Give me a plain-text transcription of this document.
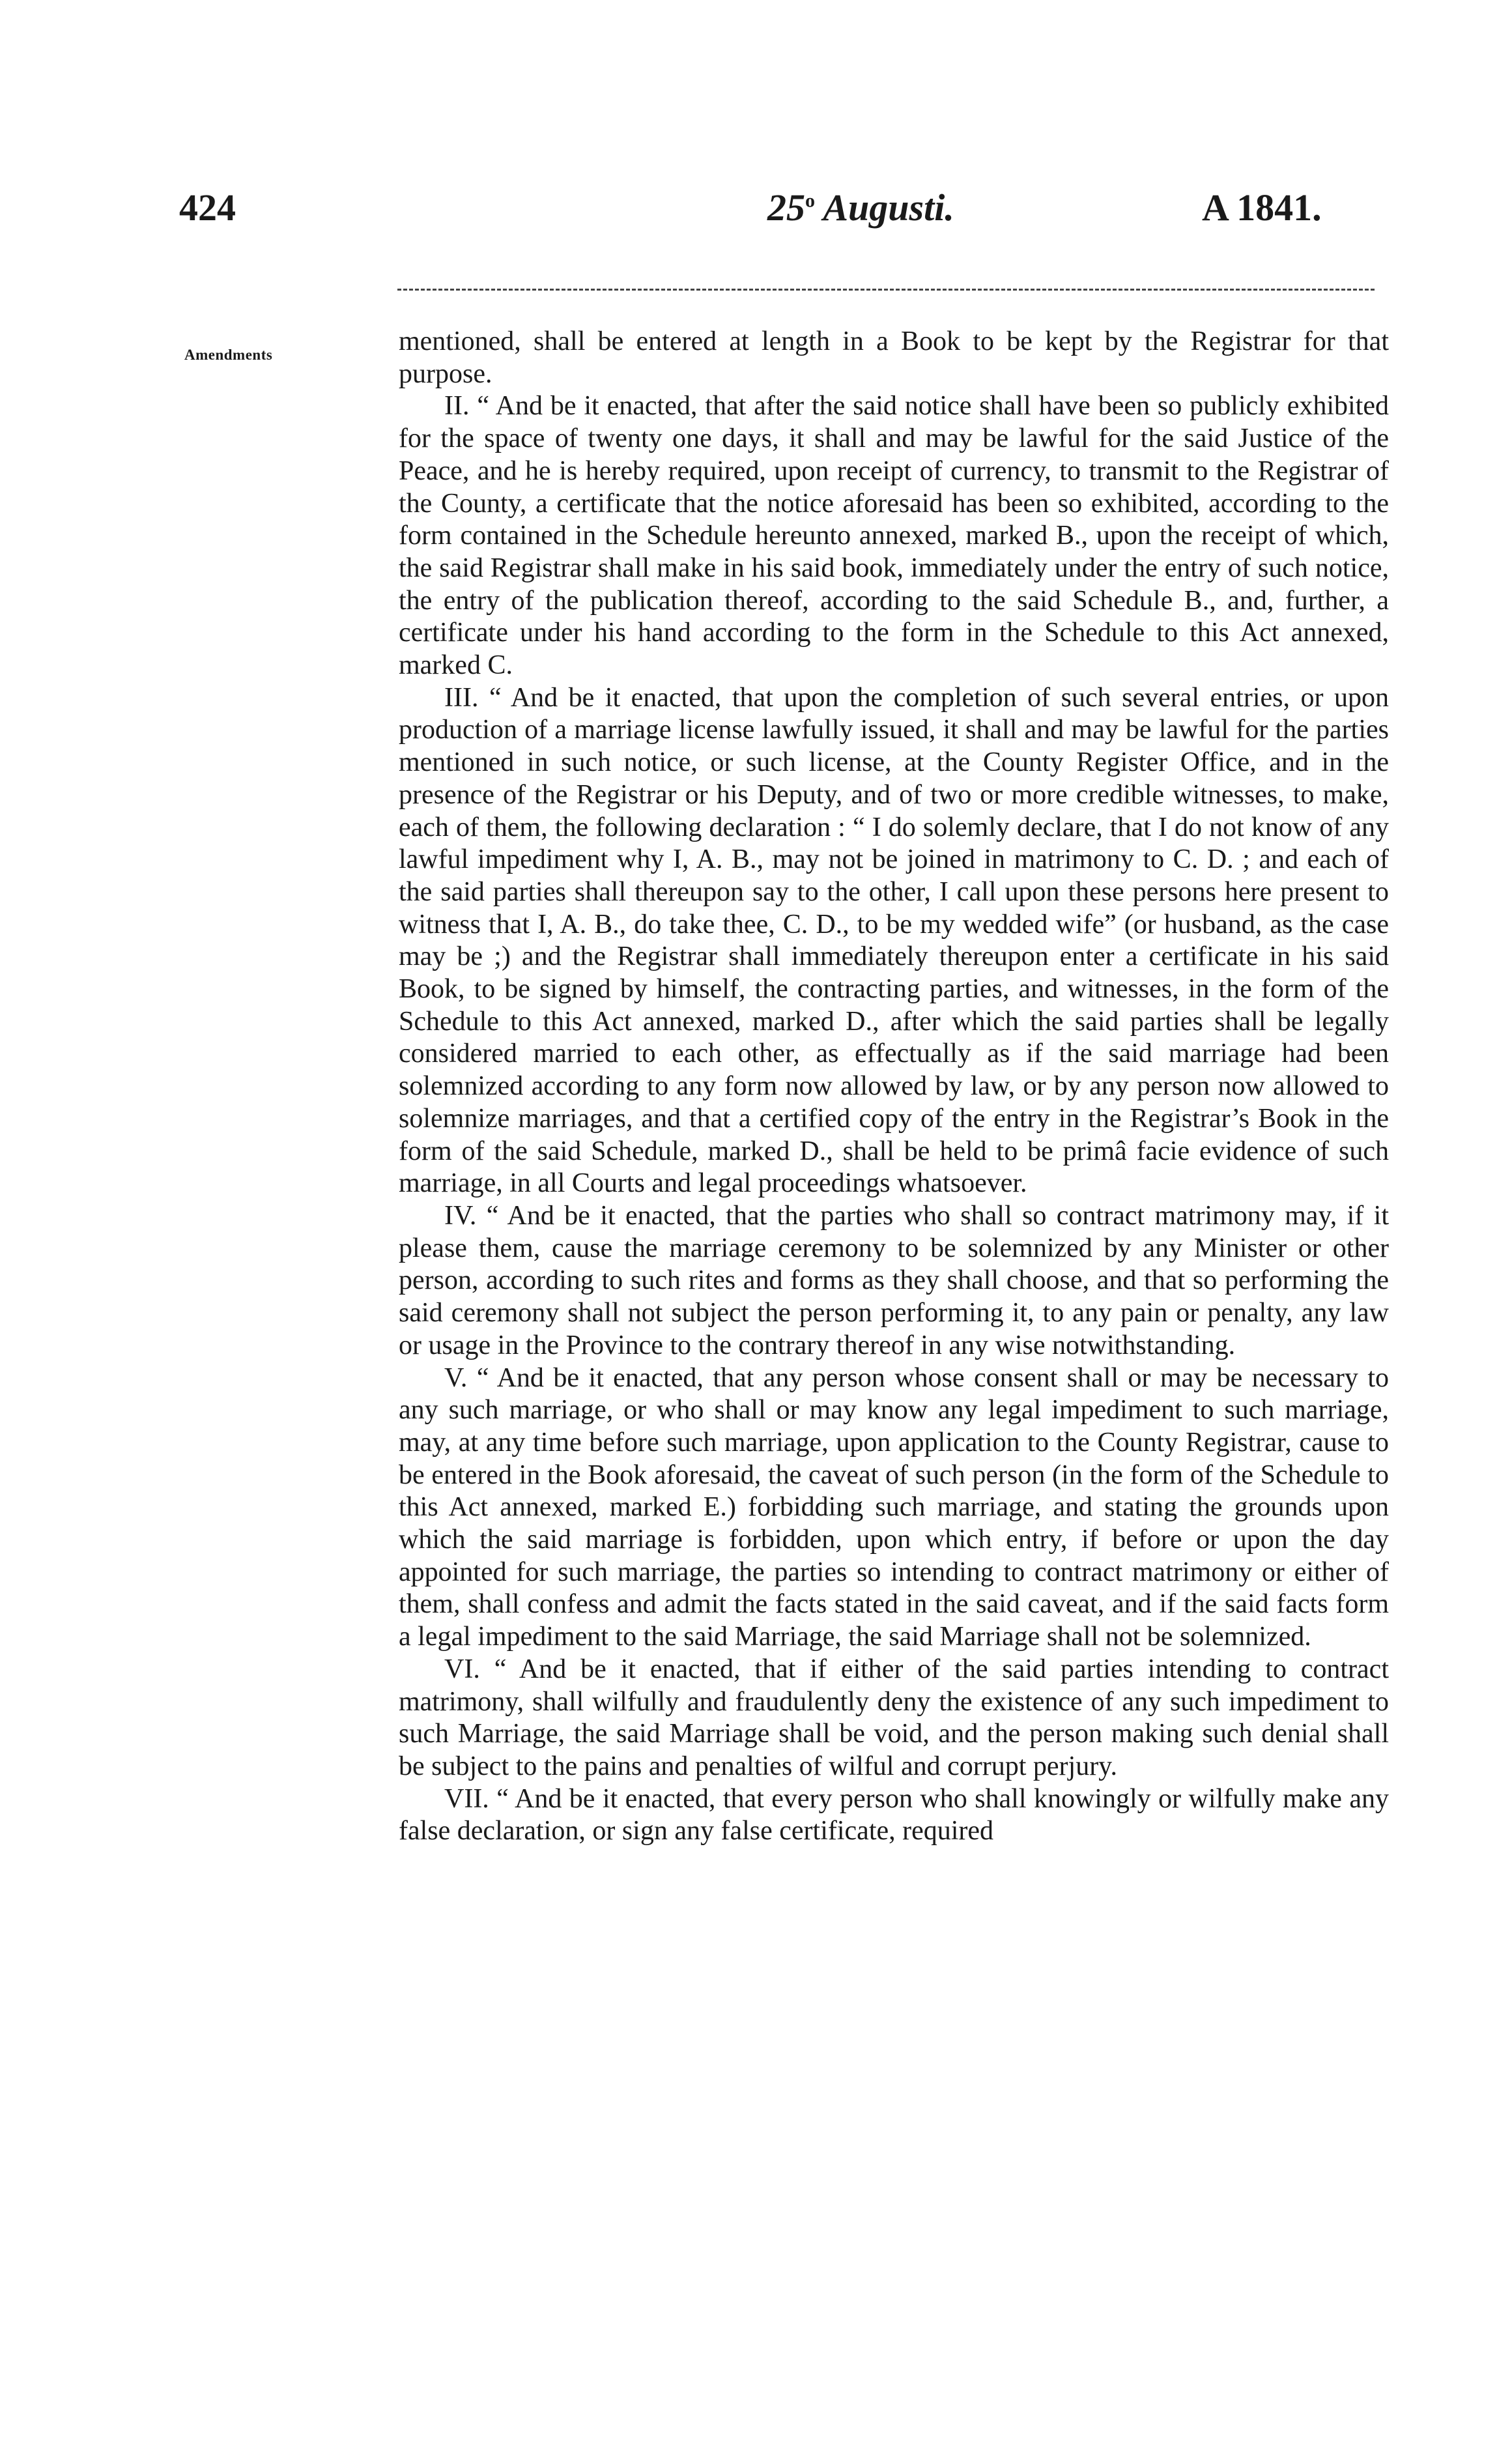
424	25$^o$ Augusti.	A 1841.
Amendments	mentioned, shall be entered at length in a Book to be kept by the Registrar for that purpose.

II. “ And be it enacted, that after the said notice shall have been so publicly exhibited for the space of twenty one days, it shall and may be lawful for the said Justice of the Peace, and he is hereby required, upon receipt of currency, to transmit to the Registrar of the County, a certificate that the notice aforesaid has been so exhibited, according to the form contained in the Schedule hereunto annexed, marked B., upon the receipt of which, the said Registrar shall make in his said book, immediately under the entry of such notice, the entry of the publication thereof, according to the said Schedule B., and, further, a certificate under his hand according to the form in the Schedule to this Act annexed, marked C.

III. “ And be it enacted, that upon the completion of such several entries, or upon production of a marriage license lawfully issued, it shall and may be lawful for the parties mentioned in such notice, or such license, at the County Register Office, and in the presence of the Registrar or his Deputy, and of two or more credible witnesses, to make, each of them, the following declaration : “ I do solemly declare, that I do not know of any lawful impediment why I, A. B., may not be joined in matrimony to C. D. ; and each of the said parties shall thereupon say to the other, I call upon these persons here present to witness that I, A. B., do take thee, C. D., to be my wedded wife” (or husband, as the case may be ;) and the Registrar shall immediately thereupon enter a certificate in his said Book, to be signed by himself, the contracting parties, and witnesses, in the form of the Schedule to this Act annexed, marked D., after which the said parties shall be legally considered married to each other, as effectually as if the said marriage had been solemnized according to any form now allowed by law, or by any person now allowed to solemnize marriages, and that a certified copy of the entry in the Registrar’s Book in the form of the said Schedule, marked D., shall be held to be primâ facie evidence of such marriage, in all Courts and legal proceedings whatsoever.

IV. “ And be it enacted, that the parties who shall so contract matrimony may, if it please them, cause the marriage ceremony to be solemnized by any Minister or other person, according to such rites and forms as they shall choose, and that so performing the said ceremony shall not subject the person performing it, to any pain or penalty, any law or usage in the Province to the contrary thereof in any wise notwithstanding.

V. “ And be it enacted, that any person whose consent shall or may be necessary to any such marriage, or who shall or may know any legal impediment to such marriage, may, at any time before such marriage, upon application to the County Registrar, cause to be entered in the Book aforesaid, the caveat of such person (in the form of the Schedule to this Act annexed, marked E.) forbidding such marriage, and stating the grounds upon which the said marriage is forbidden, upon which entry, if before or upon the day appointed for such marriage, the parties so intending to contract matrimony or either of them, shall confess and admit the facts stated in the said caveat, and if the said facts form a legal impediment to the said Marriage, the said Marriage shall not be solemnized.

VI. “ And be it enacted, that if either of the said parties intending to contract matrimony, shall wilfully and fraudulently deny the existence of any such impediment to such Marriage, the said Marriage shall be void, and the person making such denial shall be subject to the pains and penalties of wilful and corrupt perjury.

VII. “ And be it enacted, that every person who shall knowingly or wilfully make any false declaration, or sign any false certificate, required
